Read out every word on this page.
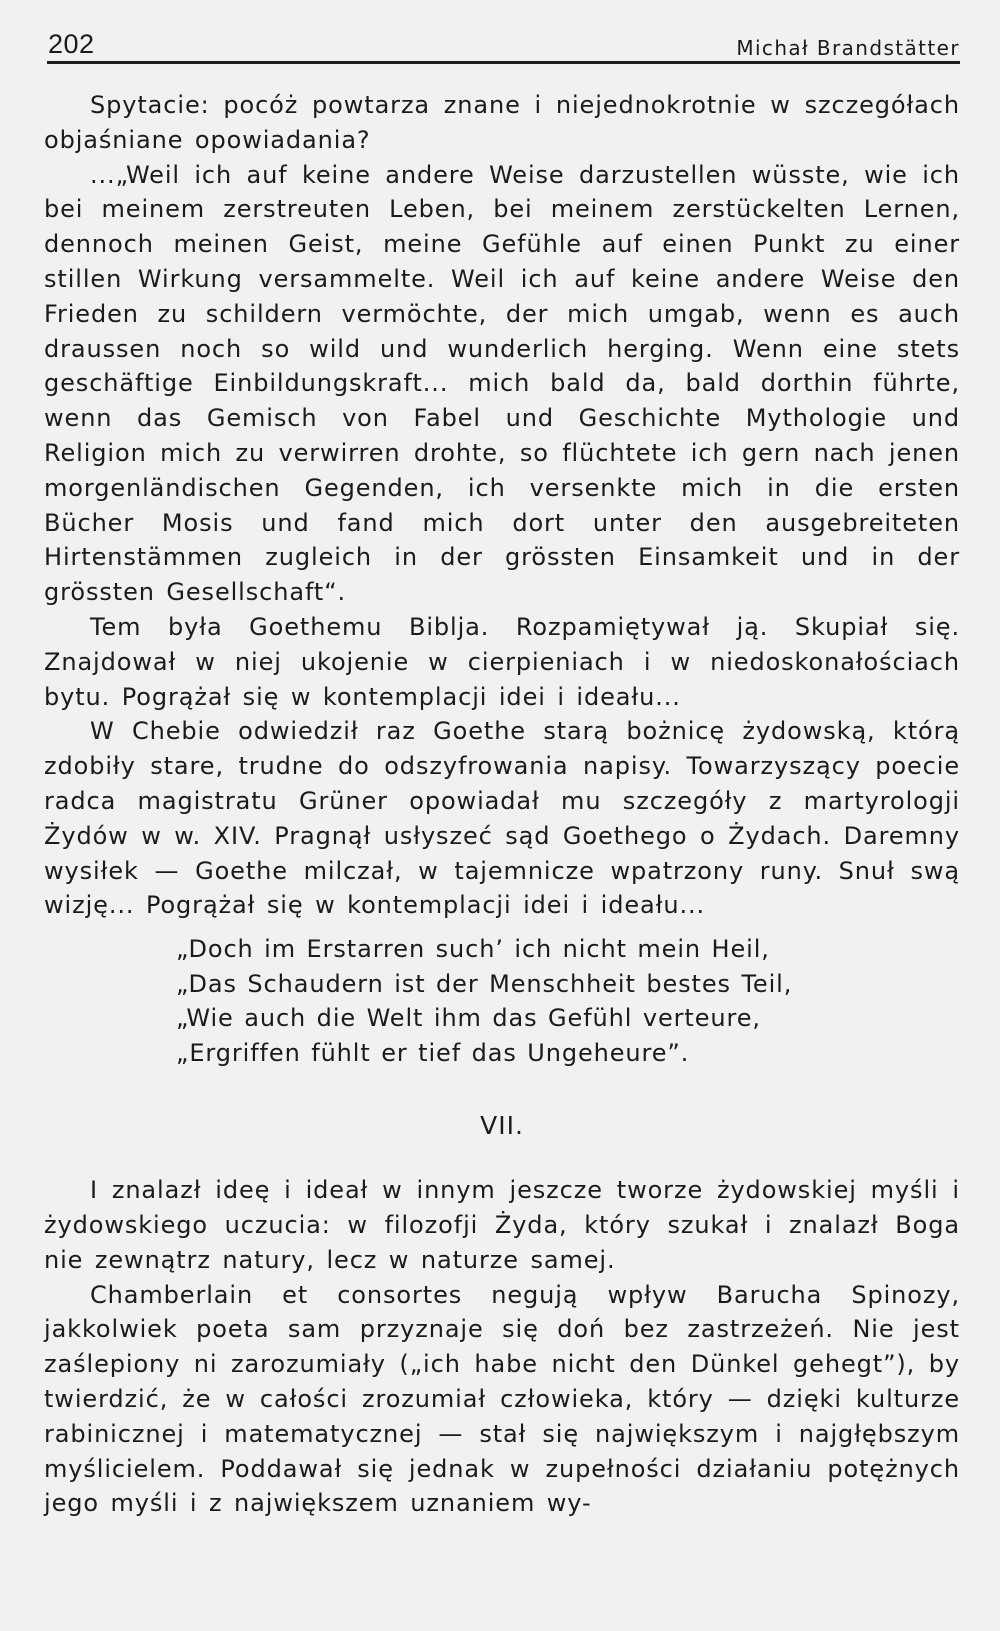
202	Michał Brandstätter

Spytacie: pocóż powtarza znane i niejednokrotnie w szczegółach objaśniane opowiadania?

...„Weil ich auf keine andere Weise darzustellen wüsste, wie ich bei meinem zerstreuten Leben, bei meinem zerstückelten Lernen, dennoch meinen Geist, meine Gefühle auf einen Punkt zu einer stillen Wirkung versammelte. Weil ich auf keine andere Weise den Frieden zu schildern vermöchte, der mich umgab, wenn es auch draussen noch so wild und wunderlich herging. Wenn eine stets geschäftige Einbildungskraft... mich bald da, bald dorthin führte, wenn das Gemisch von Fabel und Geschichte Mythologie und Religion mich zu verwirren drohte, so flüchtete ich gern nach jenen morgenländischen Gegenden, ich versenkte mich in die ersten Bücher Mosis und fand mich dort unter den ausgebreiteten Hirtenstämmen zugleich in der grössten Einsamkeit und in der grössten Gesellschaft“.

Tem była Goethemu Biblja. Rozpamiętywał ją. Skupiał się. Znajdował w niej ukojenie w cierpieniach i w niedoskonałościach bytu. Pogrążał się w kontemplacji idei i ideału...

W Chebie odwiedził raz Goethe starą bożnicę żydowską, którą zdobiły stare, trudne do odszyfrowania napisy. Towarzyszący poecie radca magistratu Grüner opowiadał mu szczegóły z martyrologji Żydów w w. XIV. Pragnął usłyszeć sąd Goethego o Żydach. Daremny wysiłek — Goethe milczał, w tajemnicze wpatrzony runy. Snuł swą wizję... Pogrążał się w kontemplacji idei i ideału...

„Doch im Erstarren such’ ich nicht mein Heil,
„Das Schaudern ist der Menschheit bestes Teil,
„Wie auch die Welt ihm das Gefühl verteure,
„Ergriffen fühlt er tief das Ungeheure”.
VII.

I znalazł ideę i ideał w innym jeszcze tworze żydowskiej myśli i żydowskiego uczucia: w filozofji Żyda, który szukał i znalazł Boga nie zewnątrz natury, lecz w naturze samej.

Chamberlain et consortes negują wpływ Barucha Spinozy, jakkolwiek poeta sam przyznaje się doń bez zastrzeżeń. Nie jest zaślepiony ni zarozumiały („ich habe nicht den Dünkel gehegt”), by twierdzić, że w całości zrozumiał człowieka, który — dzięki kulturze rabinicznej i matematycznej — stał się największym i najgłębszym myślicielem. Poddawał się jednak w zupełności działaniu potężnych jego myśli i z największem uznaniem wy-
